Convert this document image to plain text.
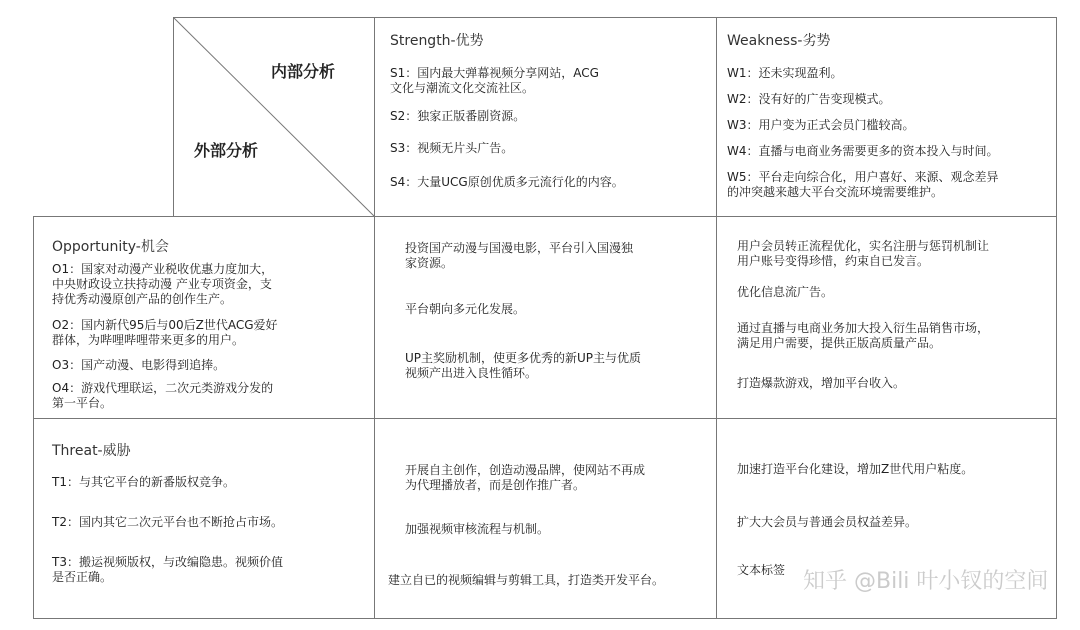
内部分析
外部分析
Strength-优势
S1：国内最大弹幕视频分享网站，ACG
文化与潮流文化交流社区。
S2：独家正版番剧资源。
S3：视频无片头广告。
S4：大量UCG原创优质多元流行化的内容。
Weakness-劣势
W1：还未实现盈利。
W2：没有好的广告变现模式。
W3：用户变为正式会员门槛较高。
W4：直播与电商业务需要更多的资本投入与时间。
W5：平台走向综合化，用户喜好、来源、观念差异
的冲突越来越大平台交流环境需要维护。
Opportunity-机会
O1：国家对动漫产业税收优惠力度加大，
中央财政设立扶持动漫 产业专项资金，支
持优秀动漫原创产品的创作生产。
O2：国内新代95后与00后Z世代ACG爱好
群体，为哔哩哔哩带来更多的用户。
O3：国产动漫、电影得到追捧。
O4：游戏代理联运，二次元类游戏分发的
第一平台。
投资国产动漫与国漫电影，平台引入国漫独
家资源。
平台朝向多元化发展。
UP主奖励机制，使更多优秀的新UP主与优质
视频产出进入良性循环。
用户会员转正流程优化，实名注册与惩罚机制让
用户账号变得珍惜，约束自已发言。
优化信息流广告。
通过直播与电商业务加大投入衍生品销售市场，
满足用户需要，提供正版高质量产品。
打造爆款游戏，增加平台收入。
Threat-威胁
T1：与其它平台的新番版权竞争。
T2：国内其它二次元平台也不断抢占市场。
T3：搬运视频版权，与改编隐患。视频价值
是否正确。
开展自主创作，创造动漫品牌，使网站不再成
为代理播放者，而是创作推广者。
加强视频审核流程与机制。
建立自已的视频编辑与剪辑工具，打造类开发平台。
加速打造平台化建设，增加Z世代用户粘度。
扩大大会员与普通会员权益差异。
文本标签 知乎 @Bili 叶小钗的空间
